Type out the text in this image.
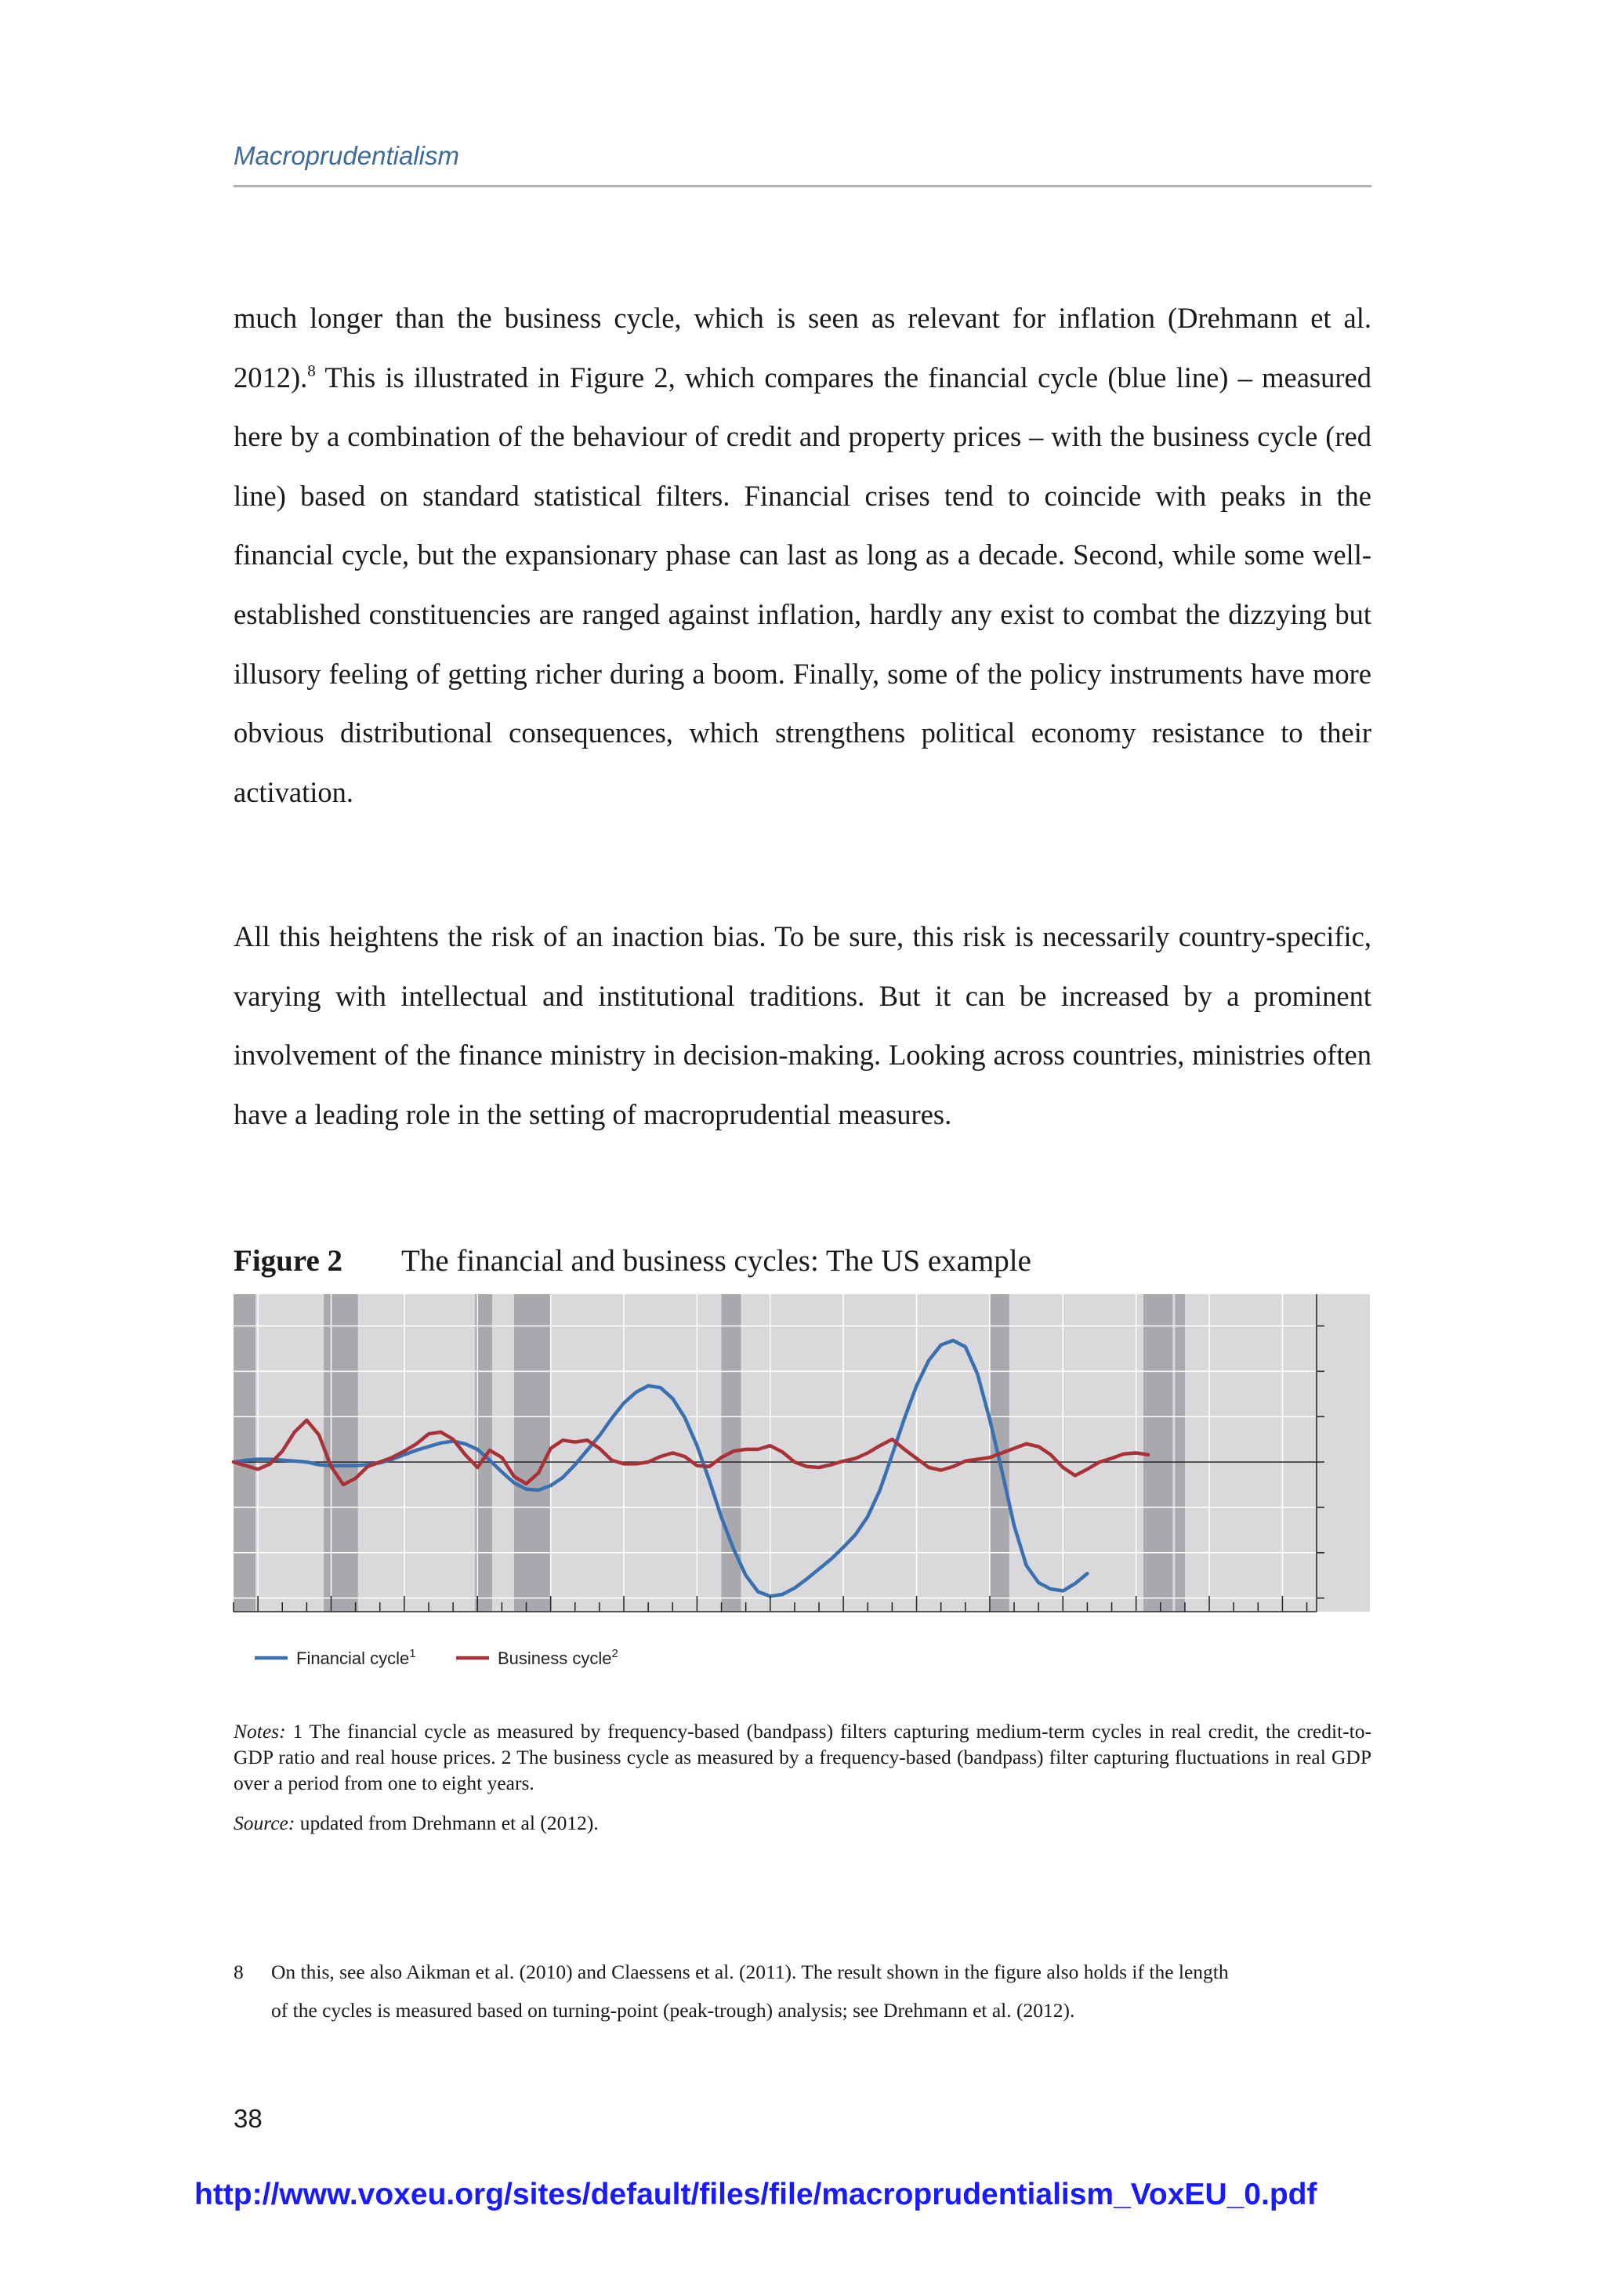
Macroprudentialism

much longer than the business cycle, which is seen as relevant for inflation (Drehmann et al. 2012).$^8$ This is illustrated in Figure 2, which compares the financial cycle (blue line) – measured here by a combination of the behaviour of credit and property prices – with the business cycle (red line) based on standard statistical filters. Financial crises tend to coincide with peaks in the financial cycle, but the expansionary phase can last as long as a decade. Second, while some well-established constituencies are ranged against inflation, hardly any exist to combat the dizzying but illusory feeling of getting richer during a boom. Finally, some of the policy instruments have more obvious distributional consequences, which strengthens political economy resistance to their activation.

All this heightens the risk of an inaction bias. To be sure, this risk is necessarily country-specific, varying with intellectual and institutional traditions. But it can be increased by a prominent involvement of the finance ministry in decision-making. Looking across countries, ministries often have a leading role in the setting of macroprudential measures.

Figure 2 The financial and business cycles: The US example
Financial cycle$^1$	Business cycle$^2$

Notes: 1 The financial cycle as measured by frequency-based (bandpass) filters capturing medium-term cycles in real credit, the credit-to-GDP ratio and real house prices. 2 The business cycle as measured by a frequency-based (bandpass) filter capturing fluctuations in real GDP over a period from one to eight years.

Source: updated from Drehmann et al (2012).
8 On this, see also Aikman et al. (2010) and Claessens et al. (2011). The result shown in the figure also holds if the length
of the cycles is measured based on turning-point (peak-trough) analysis; see Drehmann et al. (2012).
38
http://www.voxeu.org/sites/default/files/file/macroprudentialism_VoxEU_0.pdf
